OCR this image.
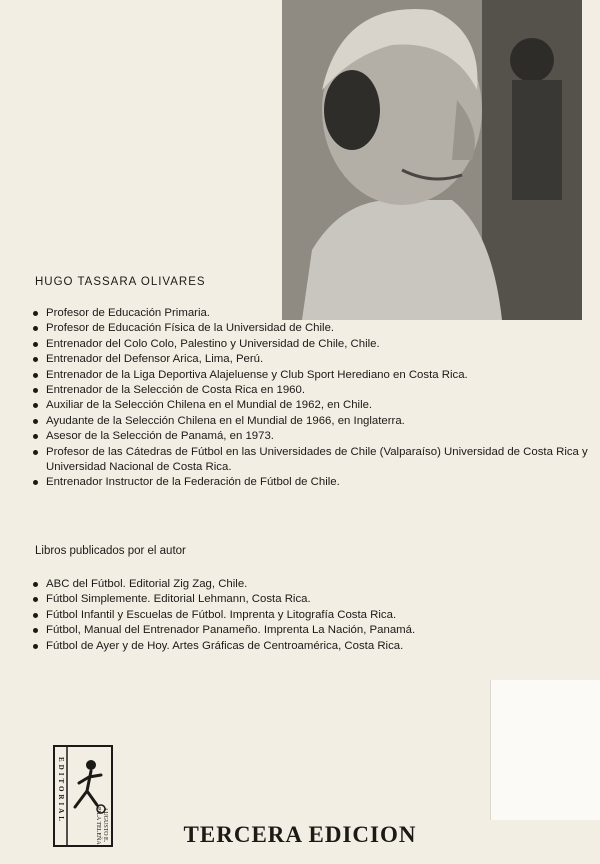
HUGO TASSARA OLIVARES
Profesor de Educación Primaria.
Profesor de Educación Física de la Universidad de Chile.
Entrenador del Colo Colo, Palestino y Universidad de Chile, Chile.
Entrenador del Defensor Arica, Lima, Perú.
Entrenador de la Liga Deportiva Alajeluense y Club Sport Herediano en Costa Rica.
Entrenador de la Selección de Costa Rica en 1960.
Auxiliar de la Selección Chilena en el Mundial de 1962, en Chile.
Ayudante de la Selección Chilena en el Mundial de 1966, en Inglaterra.
Asesor de la Selección de Panamá, en 1973.
Profesor de las Cátedras de Fútbol en las Universidades de Chile (Valparaíso) Universidad de Costa Rica y Universidad Nacional de Costa Rica.
Entrenador Instructor de la Federación de Fútbol de Chile.
Libros publicados por el autor
ABC del Fútbol. Editorial Zig Zag, Chile.
Fútbol Simplemente. Editorial Lehmann, Costa Rica.
Fútbol Infantil y Escuelas de Fútbol. Imprenta y Litografía Costa Rica.
Fútbol, Manual del Entrenador Panameño. Imprenta La Nación, Panamá.
Fútbol de Ayer y de Hoy. Artes Gráficas de Centroamérica, Costa Rica.
EDITORIAL
AUGUSTO E.
PILA TELEÑA	TERCERA EDICION
